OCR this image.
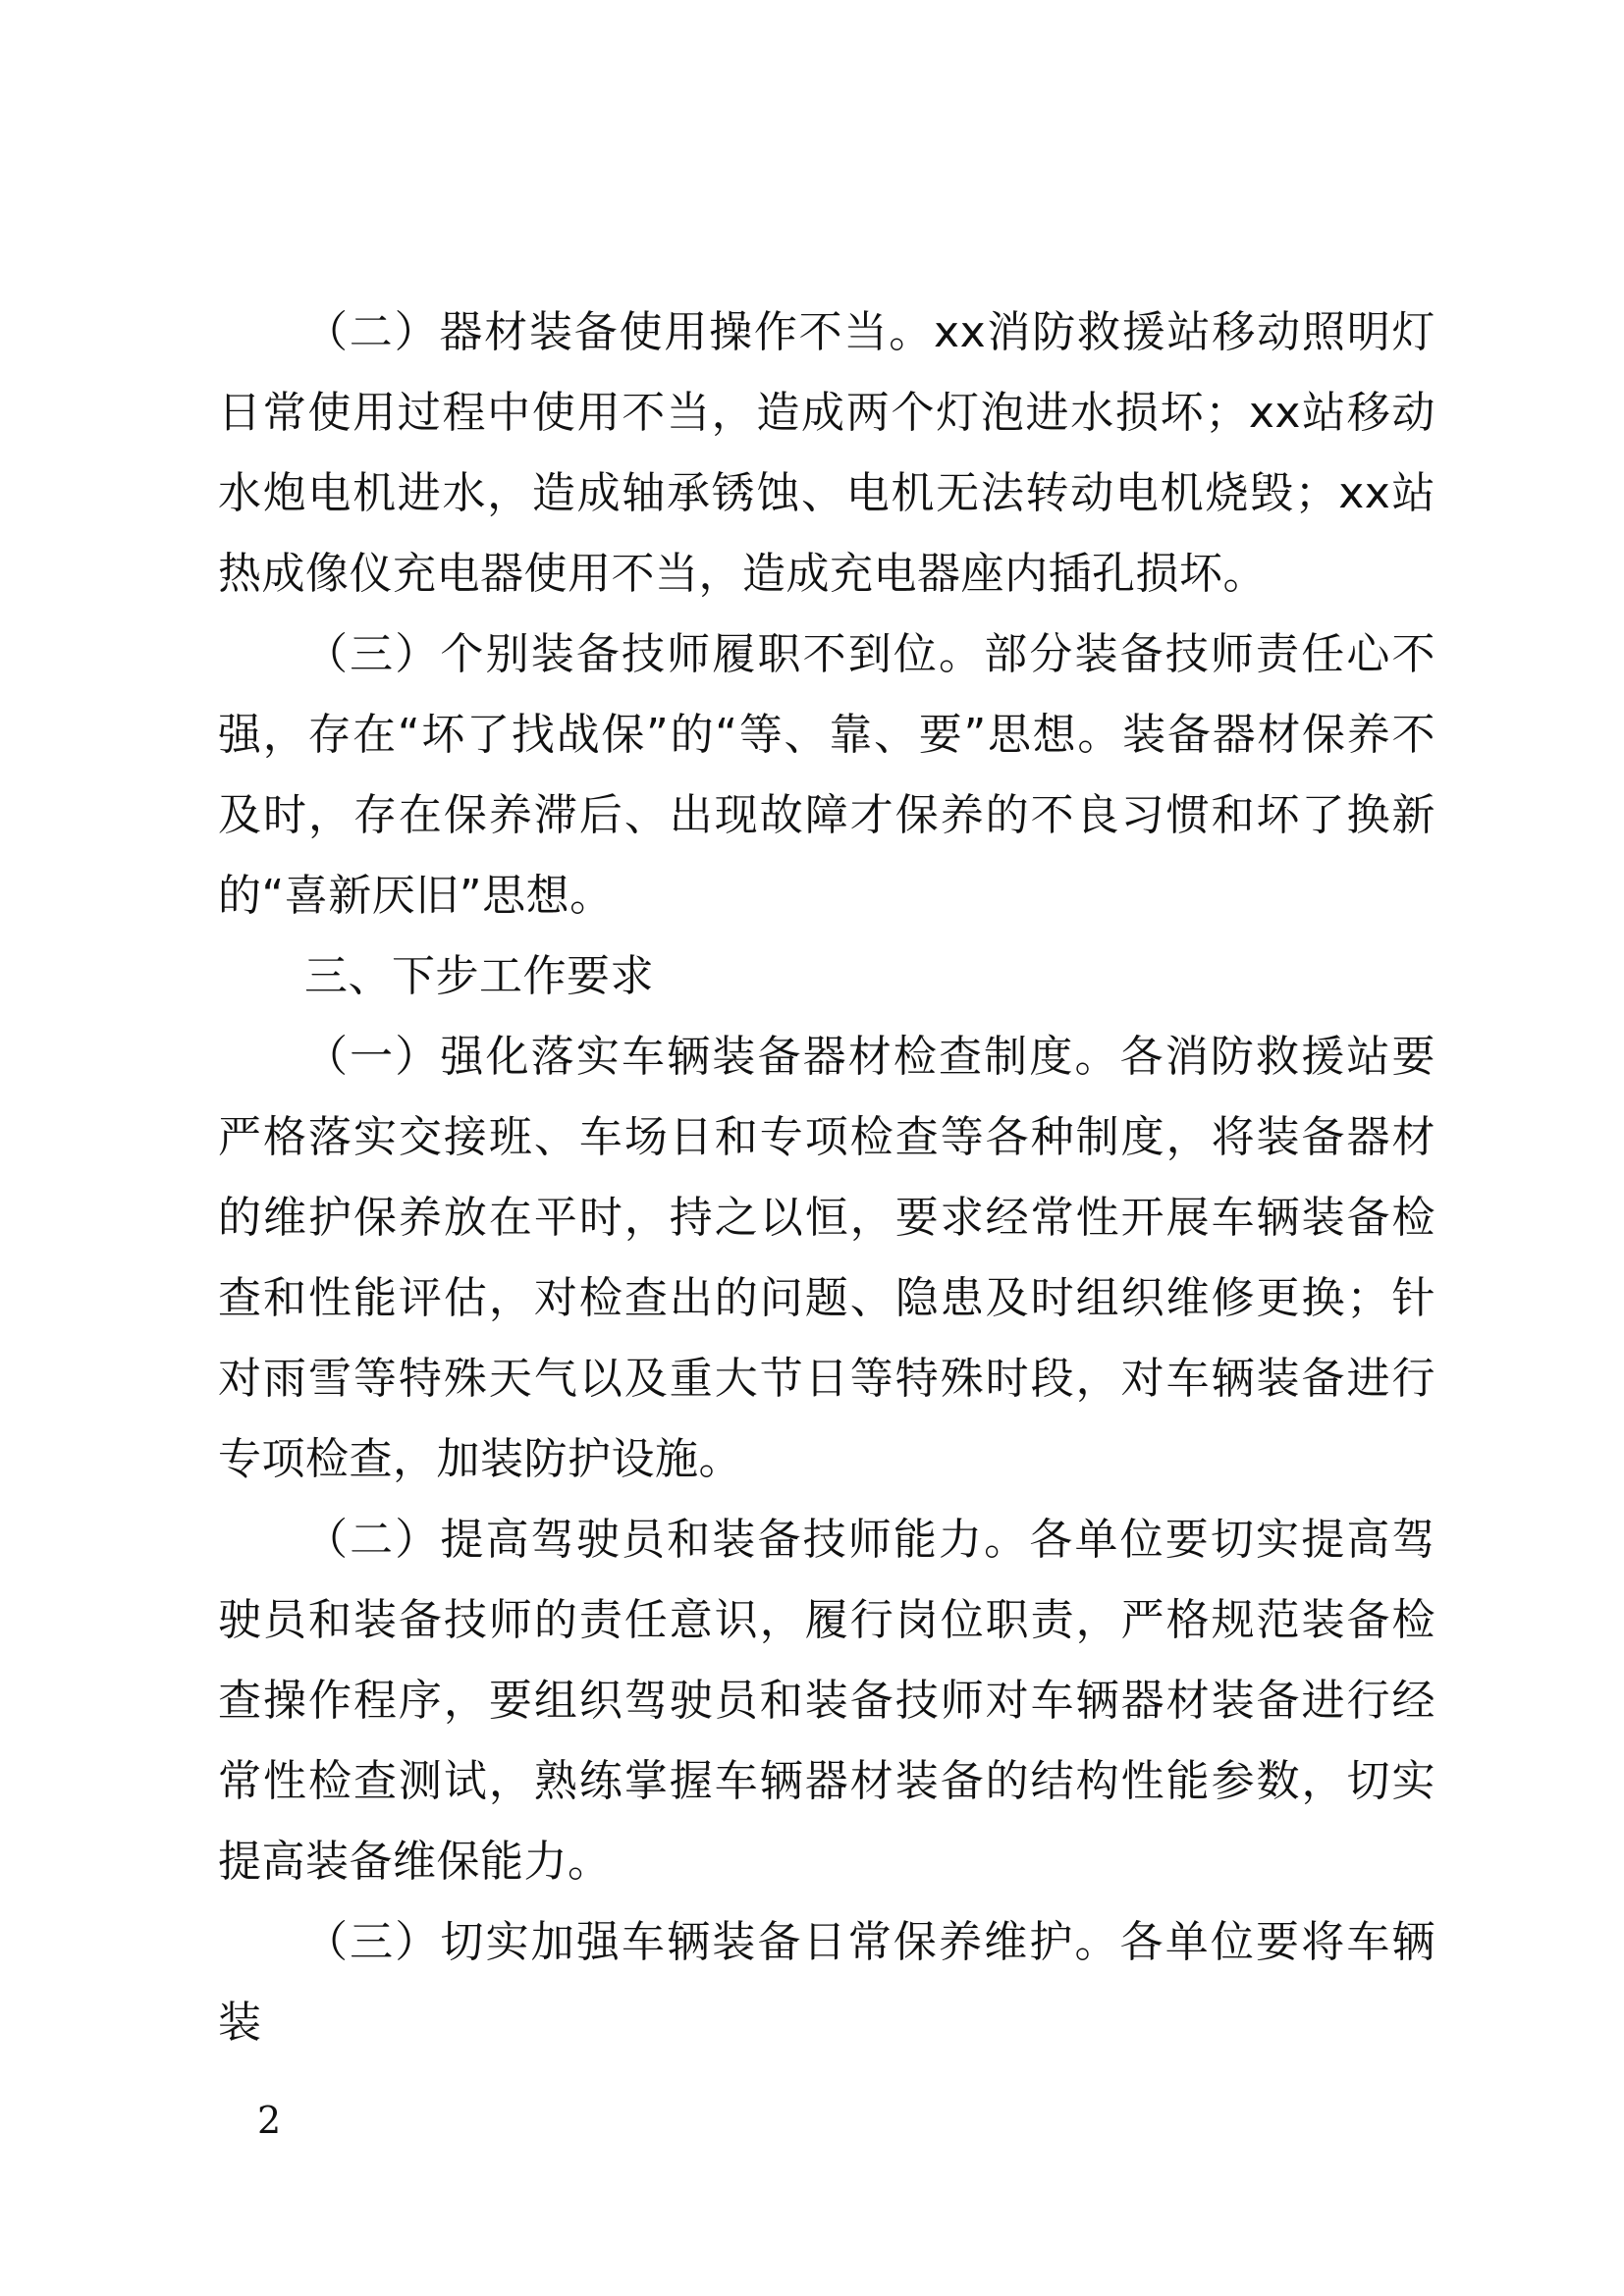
（二）器材装备使用操作不当。xx消防救援站移动照明灯日常使用过程中使用不当，造成两个灯泡进水损坏；xx站移动水炮电机进水，造成轴承锈蚀、电机无法转动电机烧毁；xx站热成像仪充电器使用不当，造成充电器座内插孔损坏。

（三）个别装备技师履职不到位。部分装备技师责任心不强，存在“坏了找战保”的“等、靠、要”思想。装备器材保养不及时，存在保养滞后、出现故障才保养的不良习惯和坏了换新的“喜新厌旧”思想。

三、下步工作要求

（一）强化落实车辆装备器材检查制度。各消防救援站要严格落实交接班、车场日和专项检查等各种制度，将装备器材的维护保养放在平时，持之以恒，要求经常性开展车辆装备检查和性能评估，对检查出的问题、隐患及时组织维修更换；针对雨雪等特殊天气以及重大节日等特殊时段，对车辆装备进行专项检查，加装防护设施。

（二）提高驾驶员和装备技师能力。各单位要切实提高驾驶员和装备技师的责任意识，履行岗位职责，严格规范装备检查操作程序，要组织驾驶员和装备技师对车辆器材装备进行经常性检查测试，熟练掌握车辆器材装备的结构性能参数，切实提高装备维保能力。

（三）切实加强车辆装备日常保养维护。各单位要将车辆装

2
